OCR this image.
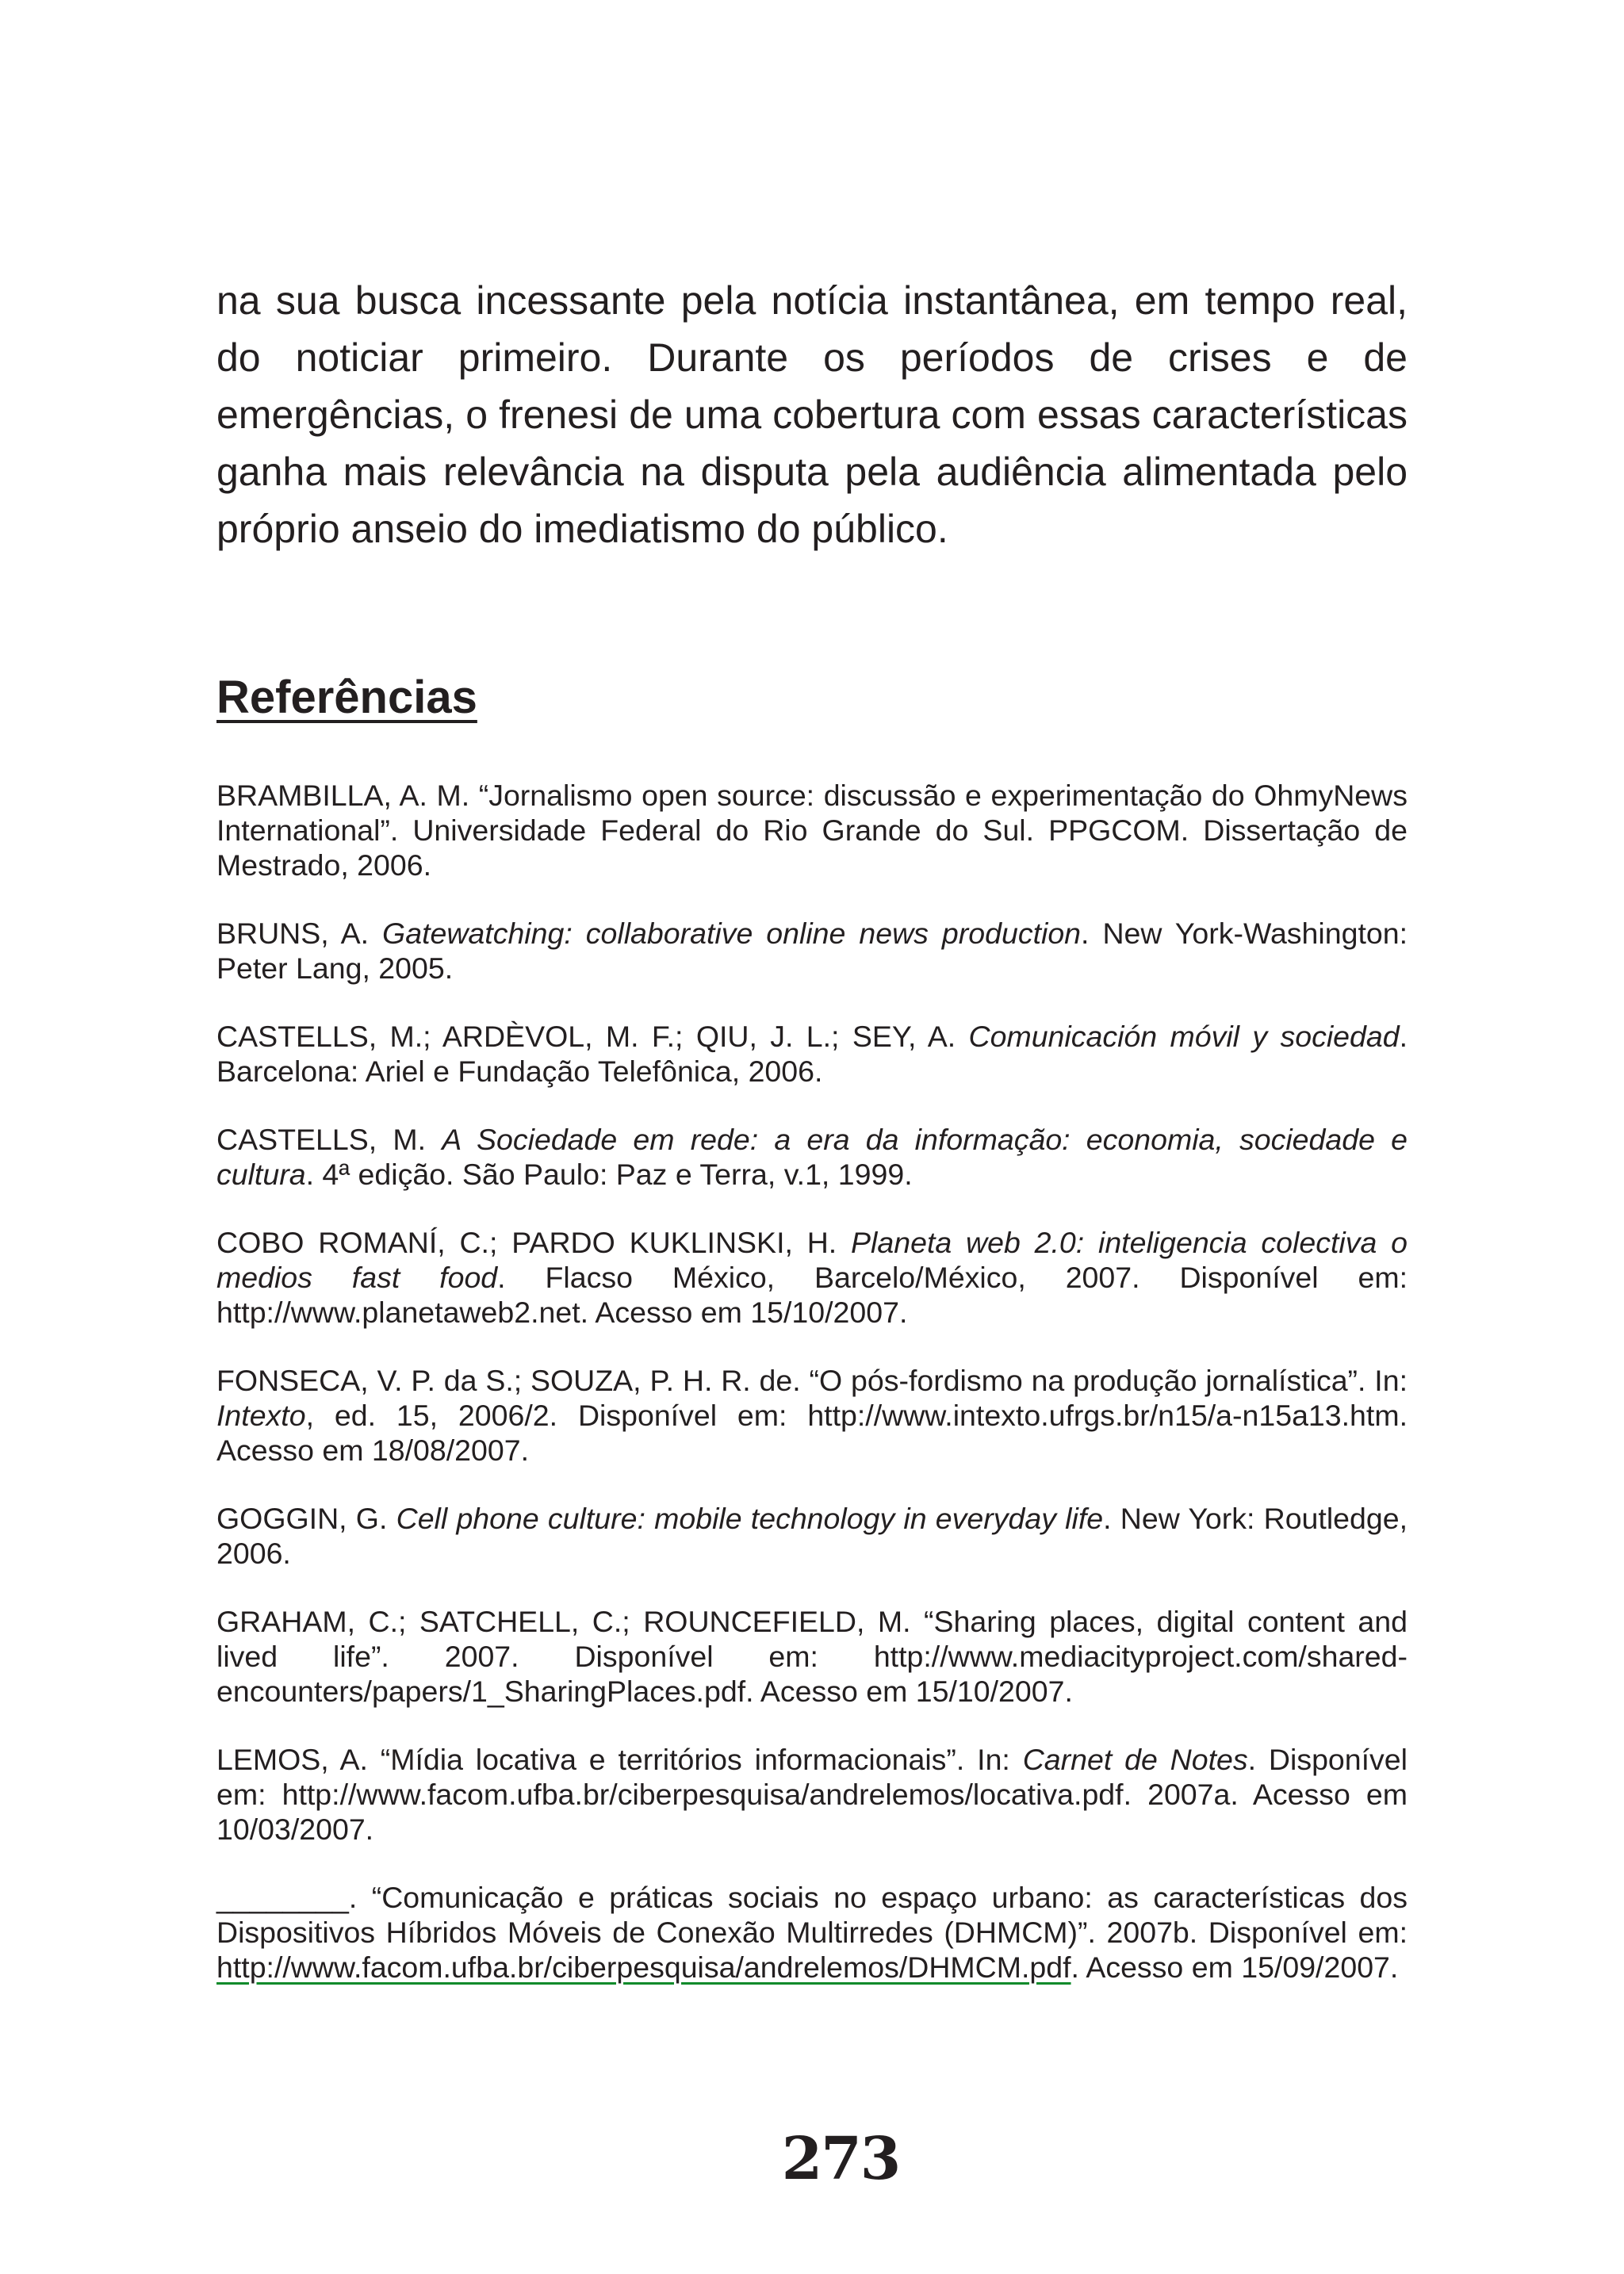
na sua busca incessante pela notícia instantânea, em tempo real, do noticiar primeiro. Durante os períodos de crises e de emergências, o frenesi de uma cobertura com essas características ganha mais relevância na disputa pela audiência alimentada pelo próprio anseio do imediatismo do público.

Referências

BRAMBILLA, A. M. “Jornalismo open source: discussão e experimentação do OhmyNews International”. Universidade Federal do Rio Grande do Sul. PPGCOM. Dissertação de Mestrado, 2006.

BRUNS, A. Gatewatching: collaborative online news production. New York-Washington: Peter Lang, 2005.

CASTELLS, M.; ARDÈVOL, M. F.; QIU, J. L.; SEY, A. Comunicación móvil y sociedad. Barcelona: Ariel e Fundação Telefônica, 2006.

CASTELLS, M. A Sociedade em rede: a era da informação: economia, sociedade e cultura. 4ª edição. São Paulo: Paz e Terra, v.1, 1999.

COBO ROMANÍ, C.; PARDO KUKLINSKI, H. Planeta web 2.0: inteligencia colectiva o medios fast food. Flacso México, Barcelo/México, 2007. Disponível em: http://www.planetaweb2.net. Acesso em 15/10/2007.

FONSECA, V. P. da S.; SOUZA, P. H. R. de. “O pós-fordismo na produção jornalística”. In: Intexto, ed. 15, 2006/2. Disponível em: http://www.intexto.ufrgs.br/n15/a-n15a13.htm. Acesso em 18/08/2007.

GOGGIN, G. Cell phone culture: mobile technology in everyday life. New York: Routledge, 2006.

GRAHAM, C.; SATCHELL, C.; ROUNCEFIELD, M. “Sharing places, digital content and lived life”. 2007. Disponível em: http://www.mediacityproject.com/shared-encounters/papers/1_SharingPlaces.pdf. Acesso em 15/10/2007.

LEMOS, A. “Mídia locativa e territórios informacionais”. In: Carnet de Notes. Disponível em: http://www.facom.ufba.br/ciberpesquisa/andrelemos/locativa.pdf. 2007a. Acesso em 10/03/2007.

________. “Comunicação e práticas sociais no espaço urbano: as características dos Dispositivos Híbridos Móveis de Conexão Multirredes (DHMCM)”. 2007b. Disponível em: http://www.facom.ufba.br/ciberpesquisa/andrelemos/DHMCM.pdf. Acesso em 15/09/2007.

273
